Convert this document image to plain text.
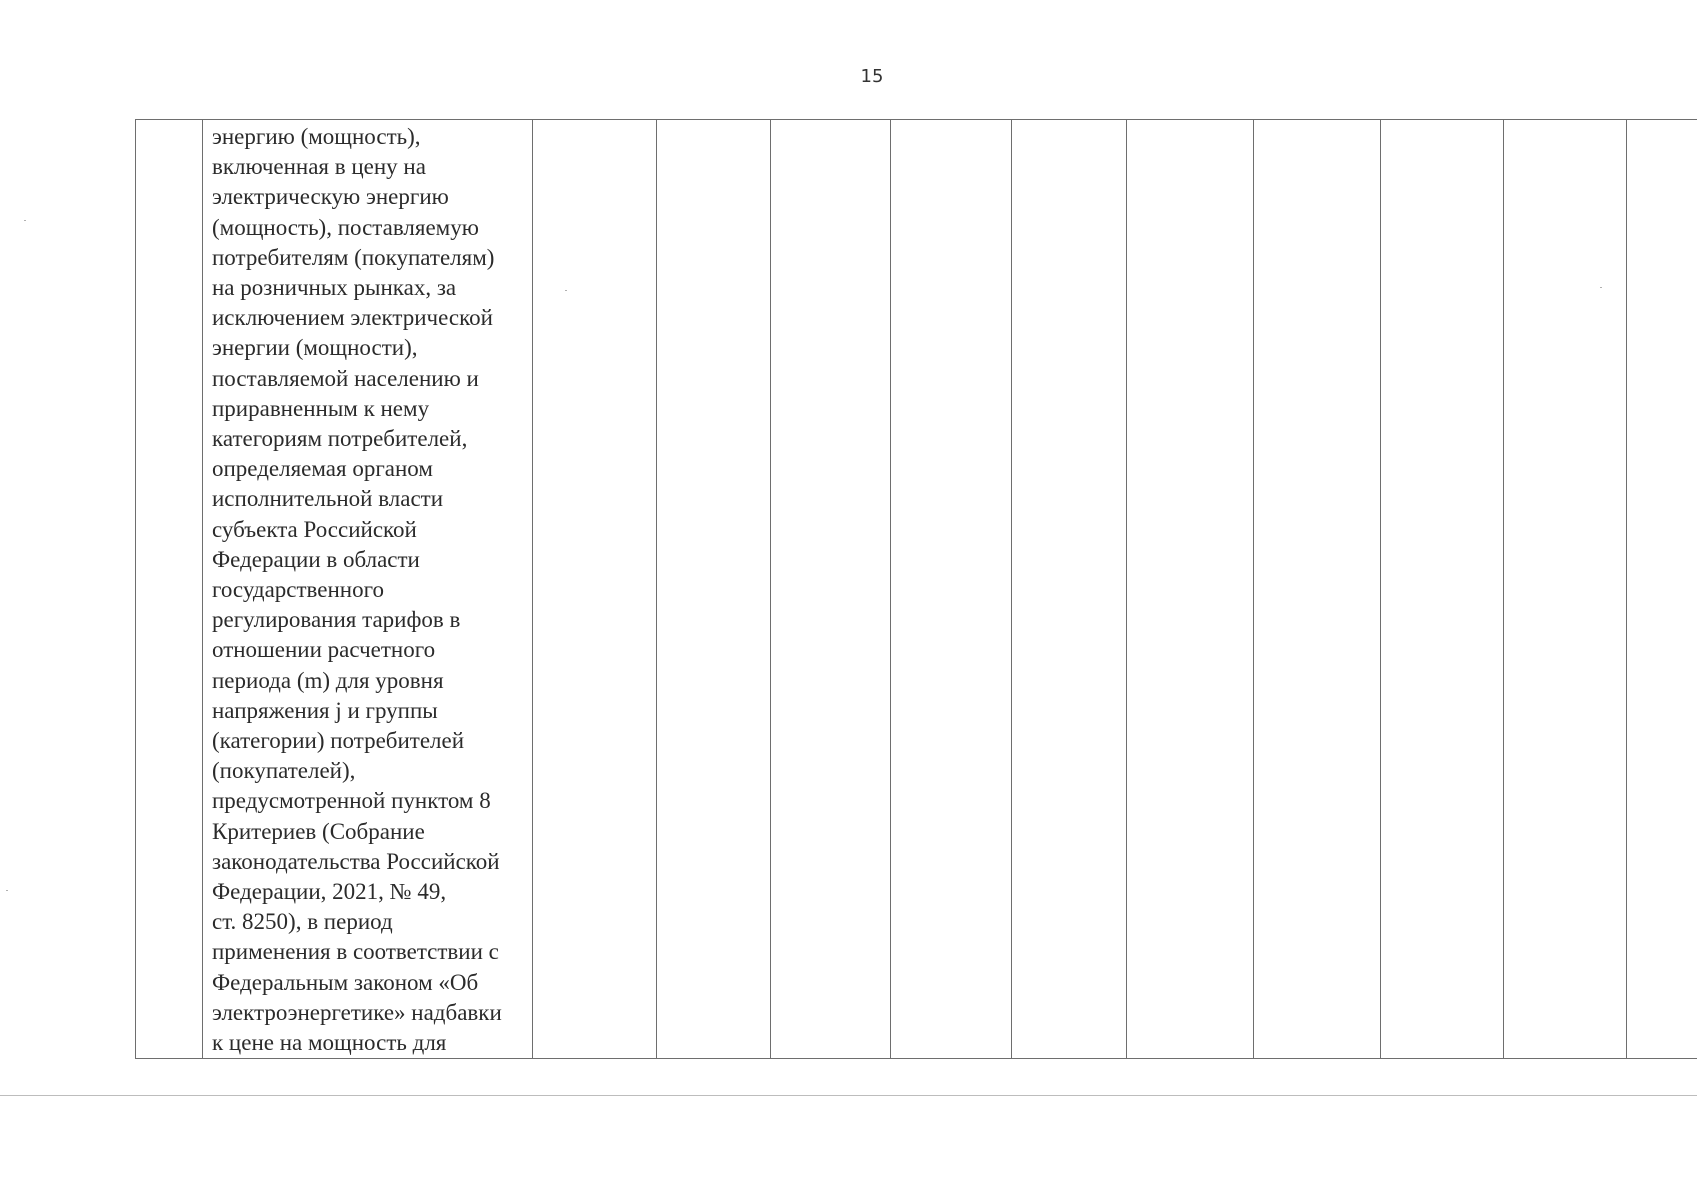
15

энергию (мощность),
включенная в цену на
электрическую энергию
(мощность), поставляемую
потребителям (покупателям)
на розничных рынках, за
исключением электрической
энергии (мощности),
поставляемой населению и
приравненным к нему
категориям потребителей,
определяемая органом
исполнительной власти
субъекта Российской
Федерации в области
государственного
регулирования тарифов в
отношении расчетного
периода (m) для уровня
напряжения j и группы
(категории) потребителей
(покупателей),
предусмотренной пунктом 8
Критериев (Собрание
законодательства Российской
Федерации, 2021, № 49,
ст. 8250), в период
применения в соответствии с
Федеральным законом «Об
электроэнергетике» надбавки
к цене на мощность для
